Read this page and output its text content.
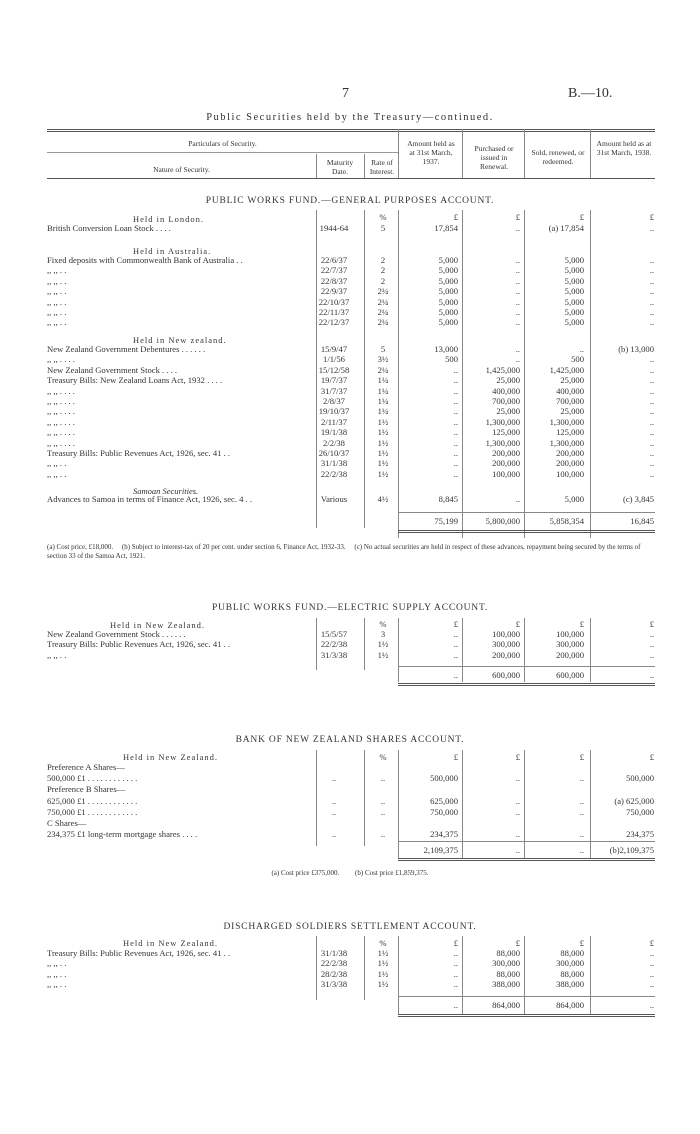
7	B.—10.
Public Securities held by the Treasury—continued.
Particulars of Security.
Nature of Security.
Maturity Date.
Rate of Interest.
Amount held as at 31st March, 1937.
Purchased or issued in Renewal.
Sold, renewed, or redeemed.
Amount held as at 31st March, 1938.
PUBLIC WORKS FUND.—GENERAL PURPOSES ACCOUNT.
PUBLIC WORKS FUND.—ELECTRIC SUPPLY ACCOUNT.
BANK OF NEW ZEALAND SHARES ACCOUNT.
DISCHARGED SOLDIERS SETTLEMENT ACCOUNT.
Held in London.
Held in Australia.
Held in New zealand.
Samoan Securities.
Held in New Zealand.
Held in New Zealand.
Held in New Zealand.
%	£	£	£	£
British Conversion Loan Stock . . . .	1944-64	5	17,854	..	(a) 17,854	..
Fixed deposits with Commonwealth Bank of Australia . .	22/6/37	2	5,000	..	5,000	..
,, ,, . .	22/7/37	2	5,000	..	5,000	..
,, ,, . .	22/8/37	2	5,000	..	5,000	..
,, ,, . .	22/9/37	2¼	5,000	..	5,000	..
,, ,, . .	22/10/37	2¼	5,000	..	5,000	..
,, ,, . .	22/11/37	2¼	5,000	..	5,000	..
,, ,, . .	22/12/37	2¼	5,000	..	5,000	..
New Zealand Government Debentures . . . . . .	15/9/47	5	13,000	..	..	(b) 13,000
,, ,, . . . .	1/1/56	3½	500	..	500	..
New Zealand Government Stock . . . .	15/12/58	2¼	..	1,425,000	1,425,000	..
Treasury Bills: New Zealand Loans Act, 1932 . . . .	19/7/37	1¼	..	25,000	25,000	..
,, ,, . . . .	31/7/37	1¼	..	400,000	400,000	..
,, ,, . . . .	2/8/37	1¼	..	700,000	700,000	..
,, ,, . . . .	19/10/37	1¼	..	25,000	25,000	..
,, ,, . . . .	2/11/37	1½	..	1,300,000	1,300,000	..
,, ,, . . . .	19/1/38	1½	..	125,000	125,000	..
,, ,, . . . .	2/2/38	1½	..	1,300,000	1,300,000	..
Treasury Bills: Public Revenues Act, 1926, sec. 41 . .	26/10/37	1½	..	200,000	200,000	..
,, ,, . .	31/1/38	1½	..	200,000	200,000	..
,, ,, . .	22/2/38	1½	..	100,000	100,000	..
Advances to Samoa in terms of Finance Act, 1926, sec. 4 . .	Various	4½	8,845	..	5,000	(c) 3,845
75,199	5,800,000	5,858,354	16,845
%	£	£	£	£
New Zealand Government Stock . . . . . .	15/5/57	3	..	100,000	100,000	..
Treasury Bills: Public Revenues Act, 1926, sec. 41 . .	22/2/38	1½	..	300,000	300,000	..
,, ,, . .	31/3/38	1½	..	200,000	200,000	..
..	600,000	600,000	..
%	£	£	£	£
Preference A Shares—
500,000 £1 . . . . . . . . . . . .	..	..	500,000	..	..	500,000
Preference B Shares—
625,000 £1 . . . . . . . . . . . .	..	..	625,000	..	..	(a) 625,000
750,000 £1 . . . . . . . . . . . .	..	..	750,000	..	..	750,000
C Shares—
234,375 £1 long-term mortgage shares . . . .	..	..	234,375	..	..	234,375
2,109,375	..	..	(b)2,109,375
%	£	£	£	£
Treasury Bills: Public Revenues Act, 1926, sec. 41 . .	31/1/38	1½	..	88,000	88,000	..
,, ,, . .	22/2/38	1½	..	300,000	300,000	..
,, ,, . .	28/2/38	1½	..	88,000	88,000	..
,, ,, . .	31/3/38	1½	..	388,000	388,000	..
..	864,000	864,000	..
(a) Cost price, £18,000. (b) Subject to interest-tax of 20 per cent. under section 6, Finance Act, 1932-33. (c) No actual securities are held in respect of these advances, repayment being secured by the terms of section 33 of the Samoa Act, 1921.
(a) Cost price £375,000. (b) Cost price £1,859,375.
